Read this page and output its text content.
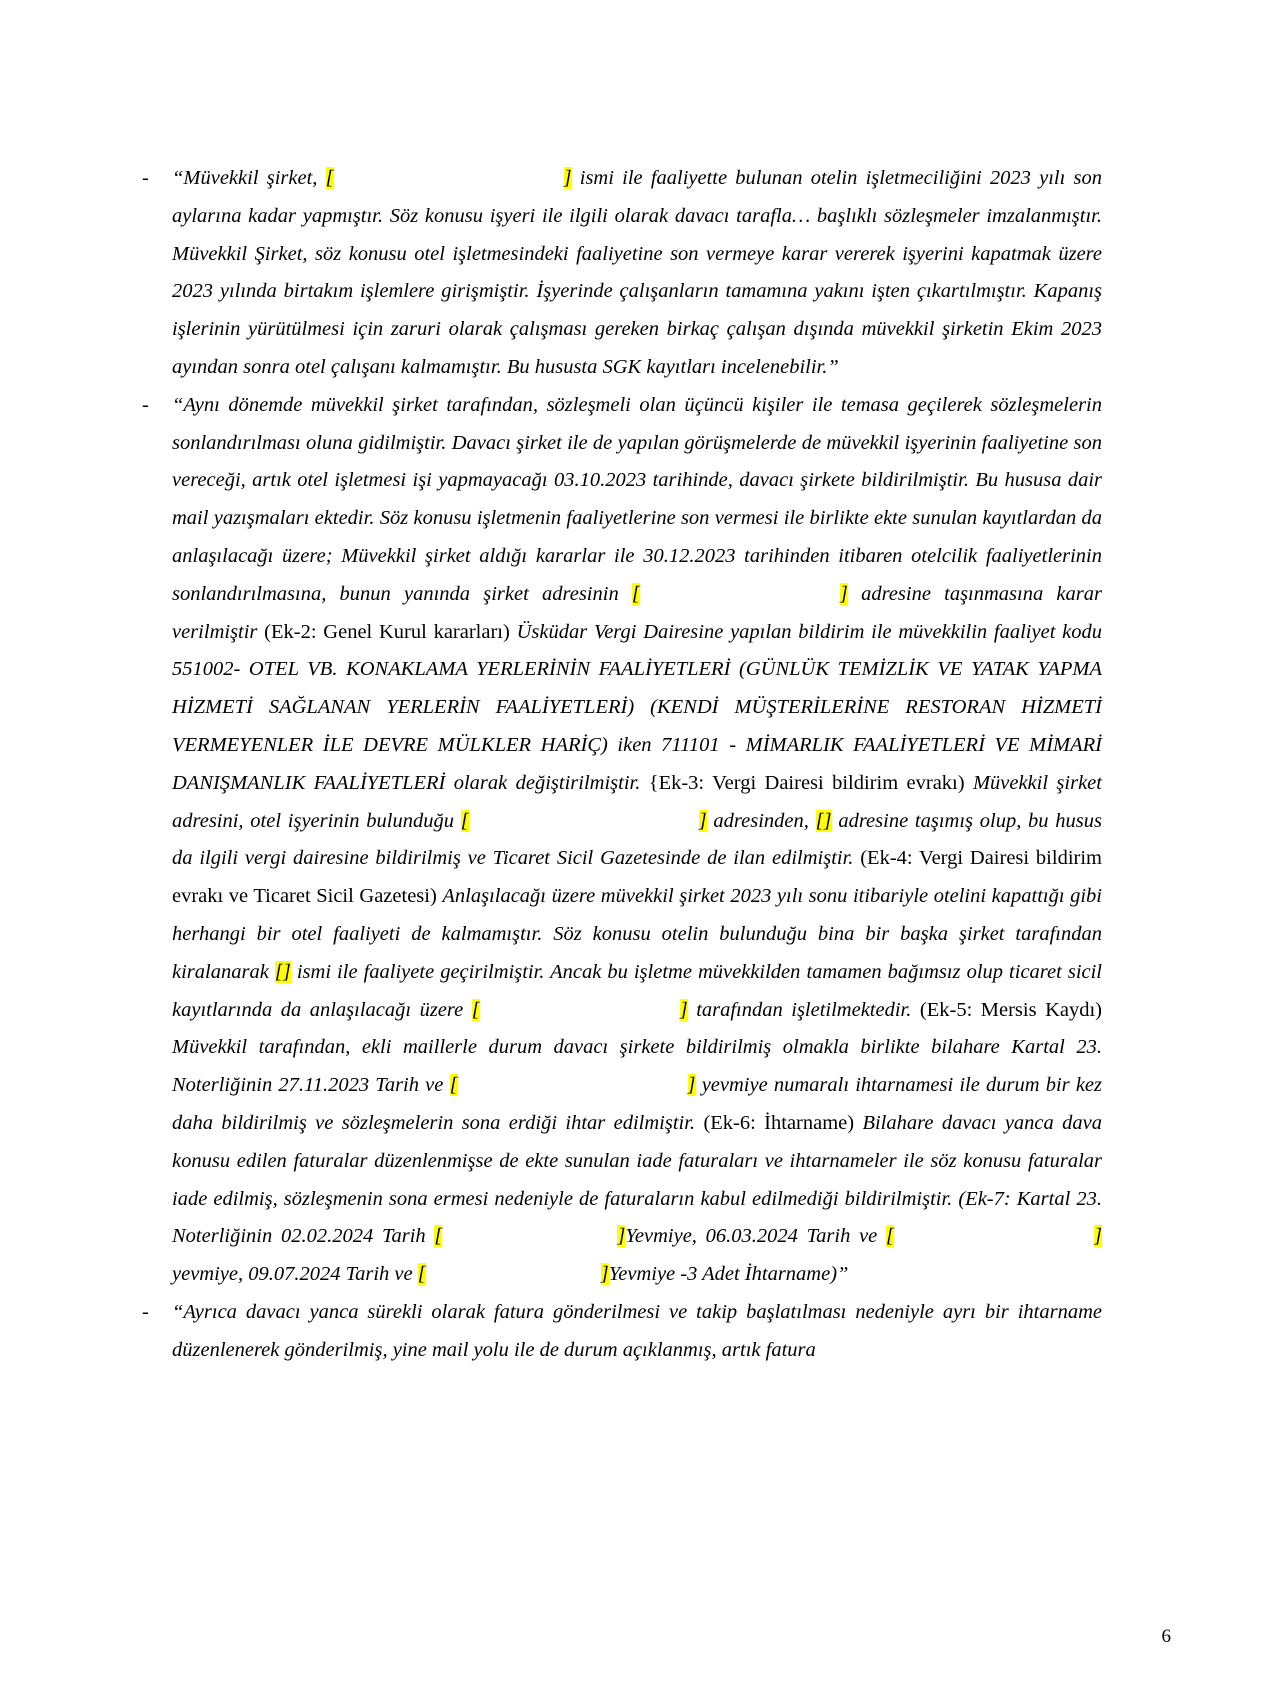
-	“Müvekkil şirket, [	] ismi ile faaliyette bulunan otelin işletmeciliğini 2023 yılı son aylarına kadar yapmıştır. Söz konusu işyeri ile ilgili olarak davacı tarafla… başlıklı sözleşmeler imzalanmıştır. Müvekkil Şirket, söz konusu otel işletmesindeki faaliyetine son vermeye karar vererek işyerini kapatmak üzere 2023 yılında birtakım işlemlere girişmiştir. İşyerinde çalışanların tamamına yakını işten çıkartılmıştır. Kapanış işlerinin yürütülmesi için zaruri olarak çalışması gereken birkaç çalışan dışında müvekkil şirketin Ekim 2023 ayından sonra otel çalışanı kalmamıştır. Bu hususta SGK kayıtları incelenebilir.”
-	“Aynı dönemde müvekkil şirket tarafından, sözleşmeli olan üçüncü kişiler ile temasa geçilerek sözleşmelerin sonlandırılması oluna gidilmiştir. Davacı şirket ile de yapılan görüşmelerde de müvekkil işyerinin faaliyetine son vereceği, artık otel işletmesi işi yapmayacağı 03.10.2023 tarihinde, davacı şirkete bildirilmiştir. Bu hususa dair mail yazışmaları ektedir. Söz konusu işletmenin faaliyetlerine son vermesi ile birlikte ekte sunulan kayıtlardan da anlaşılacağı üzere; Müvekkil şirket aldığı kararlar ile 30.12.2023 tarihinden itibaren otelcilik faaliyetlerinin sonlandırılmasına, bunun yanında şirket adresinin [	] adresine taşınmasına karar verilmiştir (Ek-2: Genel Kurul kararları) Üsküdar Vergi Dairesine yapılan bildirim ile müvekkilin faaliyet kodu 551002- OTEL VB. KONAKLAMA YERLERİNİN FAALİYETLERİ (GÜNLÜK TEMİZLİK VE YATAK YAPMA HİZMETİ SAĞLANAN YERLERİN FAALİYETLERİ) (KENDİ MÜŞTERİLERİNE RESTORAN HİZMETİ VERMEYENLER İLE DEVRE MÜLKLER HARİÇ) iken 711101 - MİMARLIK FAALİYETLERİ VE MİMARİ DANIŞMANLIK FAALİYETLERİ olarak değiştirilmiştir. {Ek-3: Vergi Dairesi bildirim evrakı) Müvekkil şirket adresini, otel işyerinin bulunduğu [	] adresinden, [] adresine taşımış olup, bu husus da ilgili vergi dairesine bildirilmiş ve Ticaret Sicil Gazetesinde de ilan edilmiştir. (Ek-4: Vergi Dairesi bildirim evrakı ve Ticaret Sicil Gazetesi) Anlaşılacağı üzere müvekkil şirket 2023 yılı sonu itibariyle otelini kapattığı gibi herhangi bir otel faaliyeti de kalmamıştır. Söz konusu otelin bulunduğu bina bir başka şirket tarafından kiralanarak [] ismi ile faaliyete geçirilmiştir. Ancak bu işletme müvekkilden tamamen bağımsız olup ticaret sicil kayıtlarında da anlaşılacağı üzere [	] tarafından işletilmektedir. (Ek-5: Mersis Kaydı) Müvekkil tarafından, ekli maillerle durum davacı şirkete bildirilmiş olmakla birlikte bilahare Kartal 23. Noterliğinin 27.11.2023 Tarih ve [	] yevmiye numaralı ihtarnamesi ile durum bir kez daha bildirilmiş ve sözleşmelerin sona erdiği ihtar edilmiştir. (Ek-6: İhtarname) Bilahare davacı yanca dava konusu edilen faturalar düzenlenmişse de ekte sunulan iade faturaları ve ihtarnameler ile söz konusu faturalar iade edilmiş, sözleşmenin sona ermesi nedeniyle de faturaların kabul edilmediği bildirilmiştir. (Ek-7: Kartal 23. Noterliğinin 02.02.2024 Tarih [	]Yevmiye, 06.03.2024 Tarih ve [	] yevmiye, 09.07.2024 Tarih ve [	]Yevmiye -3 Adet İhtarname)”
-	“Ayrıca davacı yanca sürekli olarak fatura gönderilmesi ve takip başlatılması nedeniyle ayrı bir ihtarname düzenlenerek gönderilmiş, yine mail yolu ile de durum açıklanmış, artık fatura
6
